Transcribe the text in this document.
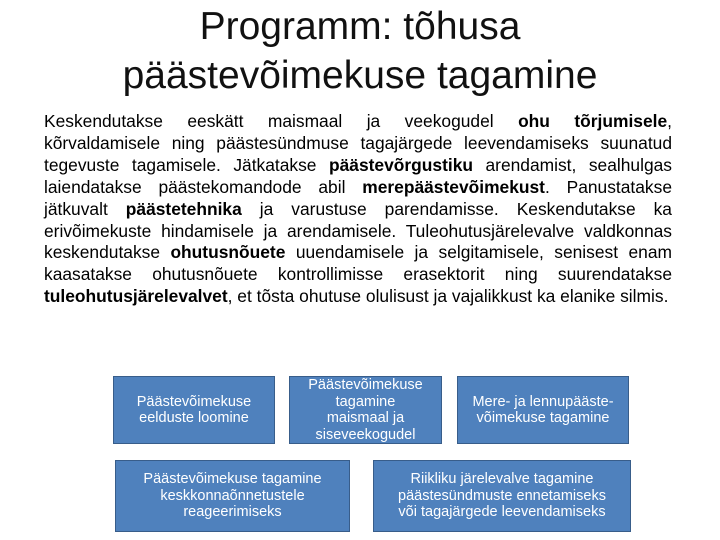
Programm: tõhusa
päästevõimekuse tagamine
Keskendutakse eeskätt maismaal ja veekogudel ohu tõrjumisele, kõrvaldamisele ning päästesündmuse tagajärgede leevendamiseks suunatud tegevuste tagamisele. Jätkatakse päästevõrgustiku arendamist, sealhulgas laiendatakse päästekomandode abil merepäästevõimekust. Panustatakse jätkuvalt päästetehnika ja varustuse parendamisse. Keskendutakse ka erivõimekuste hindamisele ja arendamisele. Tuleohutusjärelevalve valdkonnas keskendutakse ohutusnõuete uuendamisele ja selgitamisele, senisest enam kaasatakse ohutusnõuete kontrollimisse erasektorit ning suurendatakse tuleohutusjärelevalvet, et tõsta ohutuse olulisust ja vajalikkust ka elanike silmis.
Päästevõimekuse
eelduste loomine
Päästevõimekuse
tagamine
maismaal ja
siseveekogudel
Mere- ja lennupääste-
võimekuse tagamine
Päästevõimekuse tagamine
keskkonnaõnnetustele
reageerimiseks
Riikliku järelevalve tagamine
päästesündmuste ennetamiseks
või tagajärgede leevendamiseks
